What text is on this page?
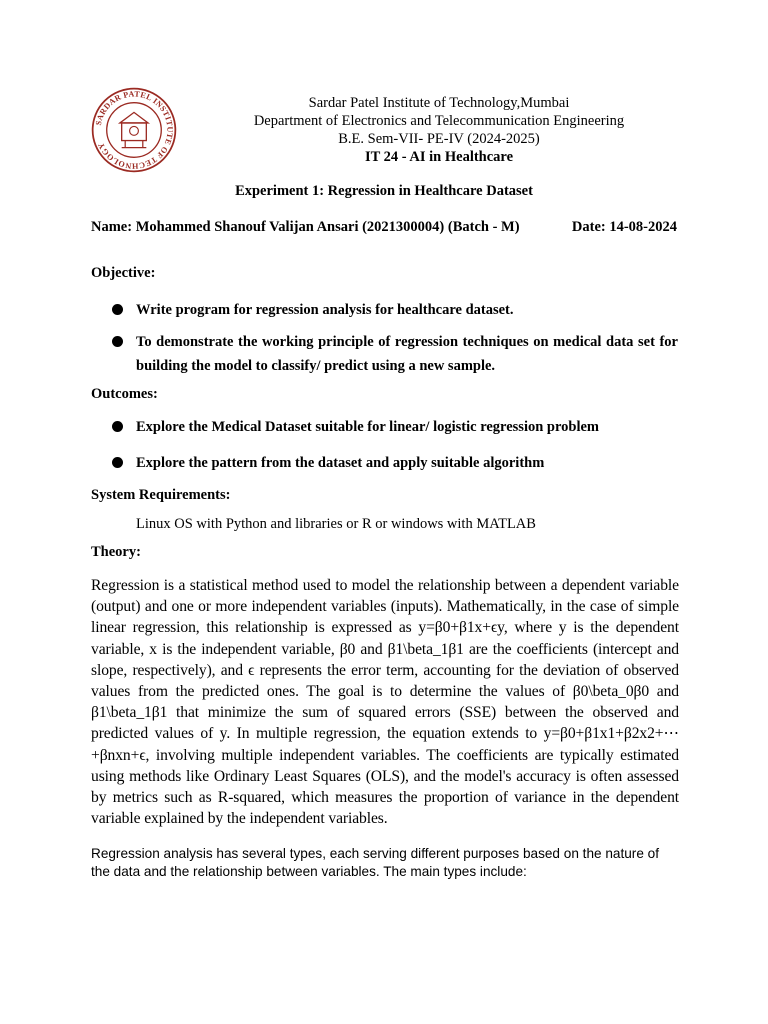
SARDAR PATEL INSTITUTE OF TECHNOLOGY
Sardar Patel Institute of Technology,Mumbai
Department of Electronics and Telecommunication Engineering
B.E. Sem-VII- PE-IV (2024-2025)
IT 24 - AI in Healthcare
Experiment 1: Regression in Healthcare Dataset
Name: Mohammed Shanouf Valijan Ansari (2021300004) (Batch - M)	Date: 14-08-2024
Objective:
Write program for regression analysis for healthcare dataset.
To demonstrate the working principle of regression techniques on medical data set for building the model to classify/ predict using a new sample.
Outcomes:
Explore the Medical Dataset suitable for linear/ logistic regression problem
Explore the pattern from the dataset and apply suitable algorithm
System Requirements:
Linux OS with Python and libraries or R or windows with MATLAB
Theory:
Regression is a statistical method used to model the relationship between a dependent variable (output) and one or more independent variables (inputs). Mathematically, in the case of simple linear regression, this relationship is expressed as y=β0+β1x+ϵy, where y is the dependent variable, x is the independent variable, β0 and β1\beta_1β1 are the coefficients (intercept and slope, respectively), and ϵ represents the error term, accounting for the deviation of observed values from the predicted ones. The goal is to determine the values of β0\beta_0β0 and β1\beta_1β1 that minimize the sum of squared errors (SSE) between the observed and predicted values of y. In multiple regression, the equation extends to y=β0+β1x1+β2x2+⋯+βnxn+ϵ, involving multiple independent variables. The coefficients are typically estimated using methods like Ordinary Least Squares (OLS), and the model's accuracy is often assessed by metrics such as R-squared, which measures the proportion of variance in the dependent variable explained by the independent variables.
Regression analysis has several types, each serving different purposes based on the nature of the data and the relationship between variables. The main types include:
